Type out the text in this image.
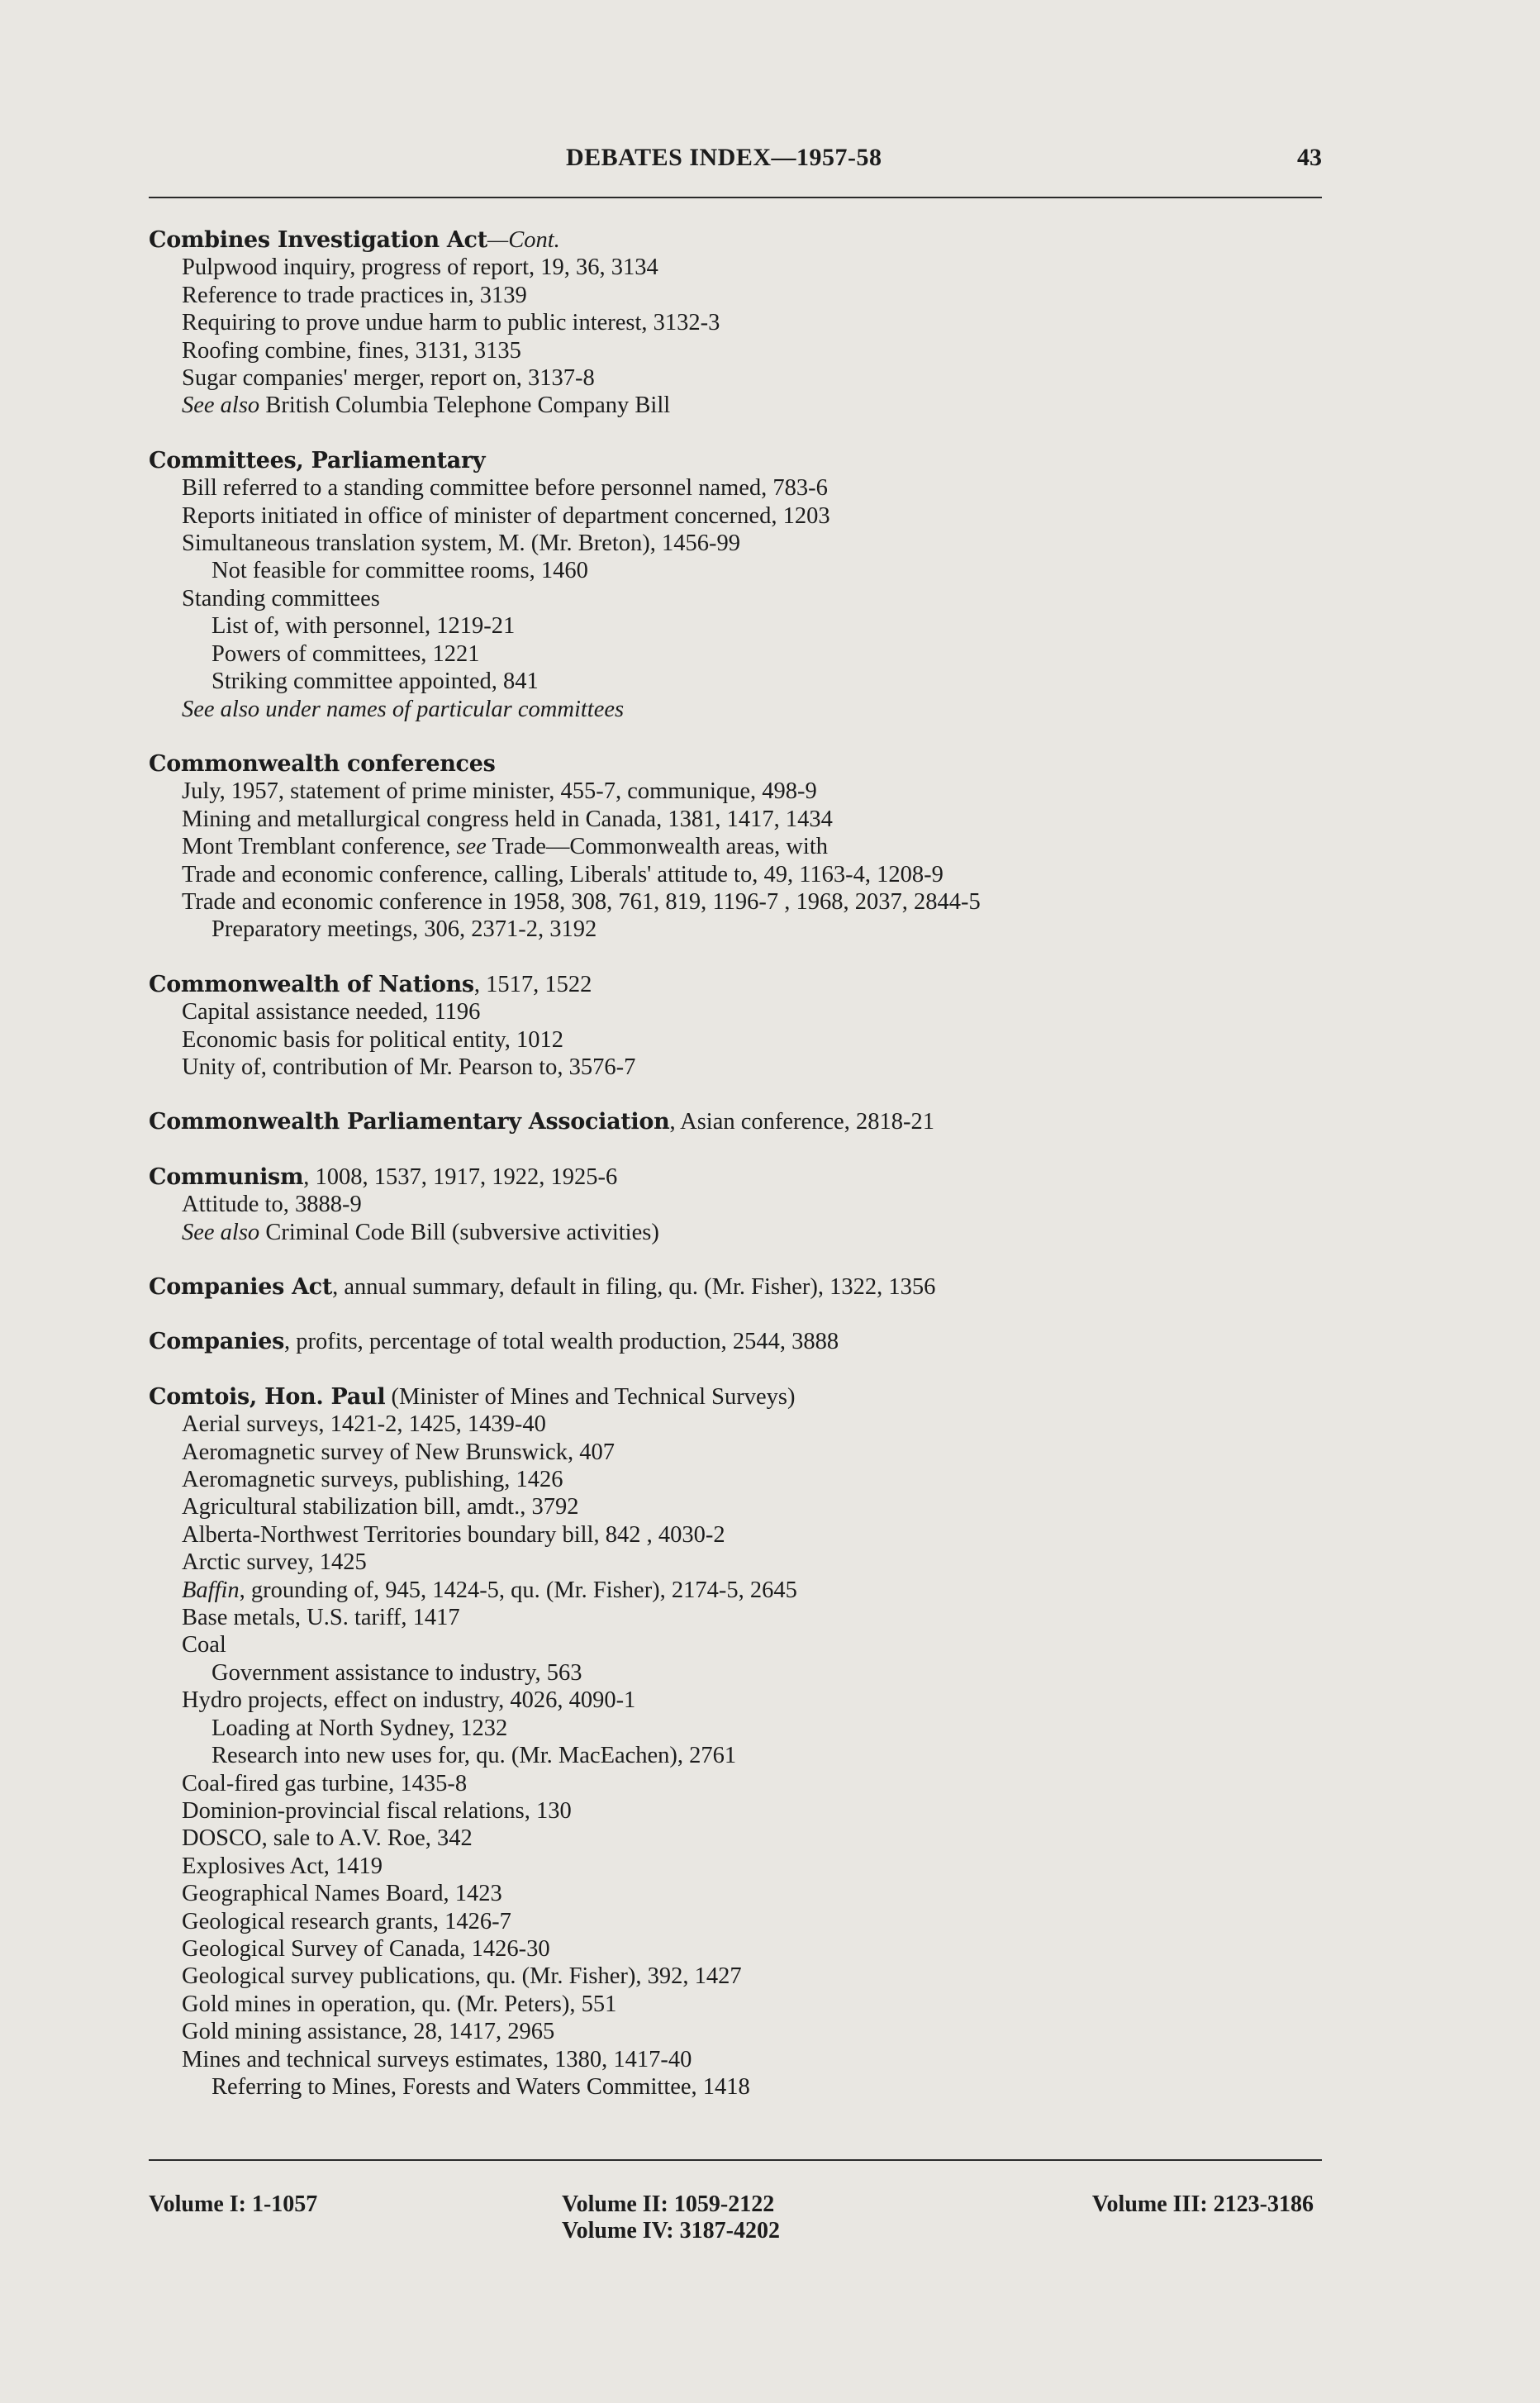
DEBATES INDEX—1957-58	43
Combines Investigation Act—Cont.
Pulpwood inquiry, progress of report, 19, 36, 3134
Reference to trade practices in, 3139
Requiring to prove undue harm to public interest, 3132-3
Roofing combine, fines, 3131, 3135
Sugar companies' merger, report on, 3137-8
See also British Columbia Telephone Company Bill
Committees, Parliamentary
Bill referred to a standing committee before personnel named, 783-6
Reports initiated in office of minister of department concerned, 1203
Simultaneous translation system, M. (Mr. Breton), 1456-99
Not feasible for committee rooms, 1460
Standing committees
List of, with personnel, 1219-21
Powers of committees, 1221
Striking committee appointed, 841
See also under names of particular committees
Commonwealth conferences
July, 1957, statement of prime minister, 455-7, communique, 498-9
Mining and metallurgical congress held in Canada, 1381, 1417, 1434
Mont Tremblant conference, see Trade—Commonwealth areas, with
Trade and economic conference, calling, Liberals' attitude to, 49, 1163-4, 1208-9
Trade and economic conference in 1958, 308, 761, 819, 1196-7 , 1968, 2037, 2844-5
Preparatory meetings, 306, 2371-2, 3192
Commonwealth of Nations, 1517, 1522
Capital assistance needed, 1196
Economic basis for political entity, 1012
Unity of, contribution of Mr. Pearson to, 3576-7
Commonwealth Parliamentary Association, Asian conference, 2818-21
Communism, 1008, 1537, 1917, 1922, 1925-6
Attitude to, 3888-9
See also Criminal Code Bill (subversive activities)
Companies Act, annual summary, default in filing, qu. (Mr. Fisher), 1322, 1356
Companies, profits, percentage of total wealth production, 2544, 3888
Comtois, Hon. Paul (Minister of Mines and Technical Surveys)
Aerial surveys, 1421-2, 1425, 1439-40
Aeromagnetic survey of New Brunswick, 407
Aeromagnetic surveys, publishing, 1426
Agricultural stabilization bill, amdt., 3792
Alberta-Northwest Territories boundary bill, 842 , 4030-2
Arctic survey, 1425
Baffin, grounding of, 945, 1424-5, qu. (Mr. Fisher), 2174-5, 2645
Base metals, U.S. tariff, 1417
Coal
Government assistance to industry, 563
Hydro projects, effect on industry, 4026, 4090-1
Loading at North Sydney, 1232
Research into new uses for, qu. (Mr. MacEachen), 2761
Coal-fired gas turbine, 1435-8
Dominion-provincial fiscal relations, 130
DOSCO, sale to A.V. Roe, 342
Explosives Act, 1419
Geographical Names Board, 1423
Geological research grants, 1426-7
Geological Survey of Canada, 1426-30
Geological survey publications, qu. (Mr. Fisher), 392, 1427
Gold mines in operation, qu. (Mr. Peters), 551
Gold mining assistance, 28, 1417, 2965
Mines and technical surveys estimates, 1380, 1417-40
Referring to Mines, Forests and Waters Committee, 1418
Volume I: 1-1057	Volume II: 1059-2122
Volume IV: 3187-4202
Volume III: 2123-3186
